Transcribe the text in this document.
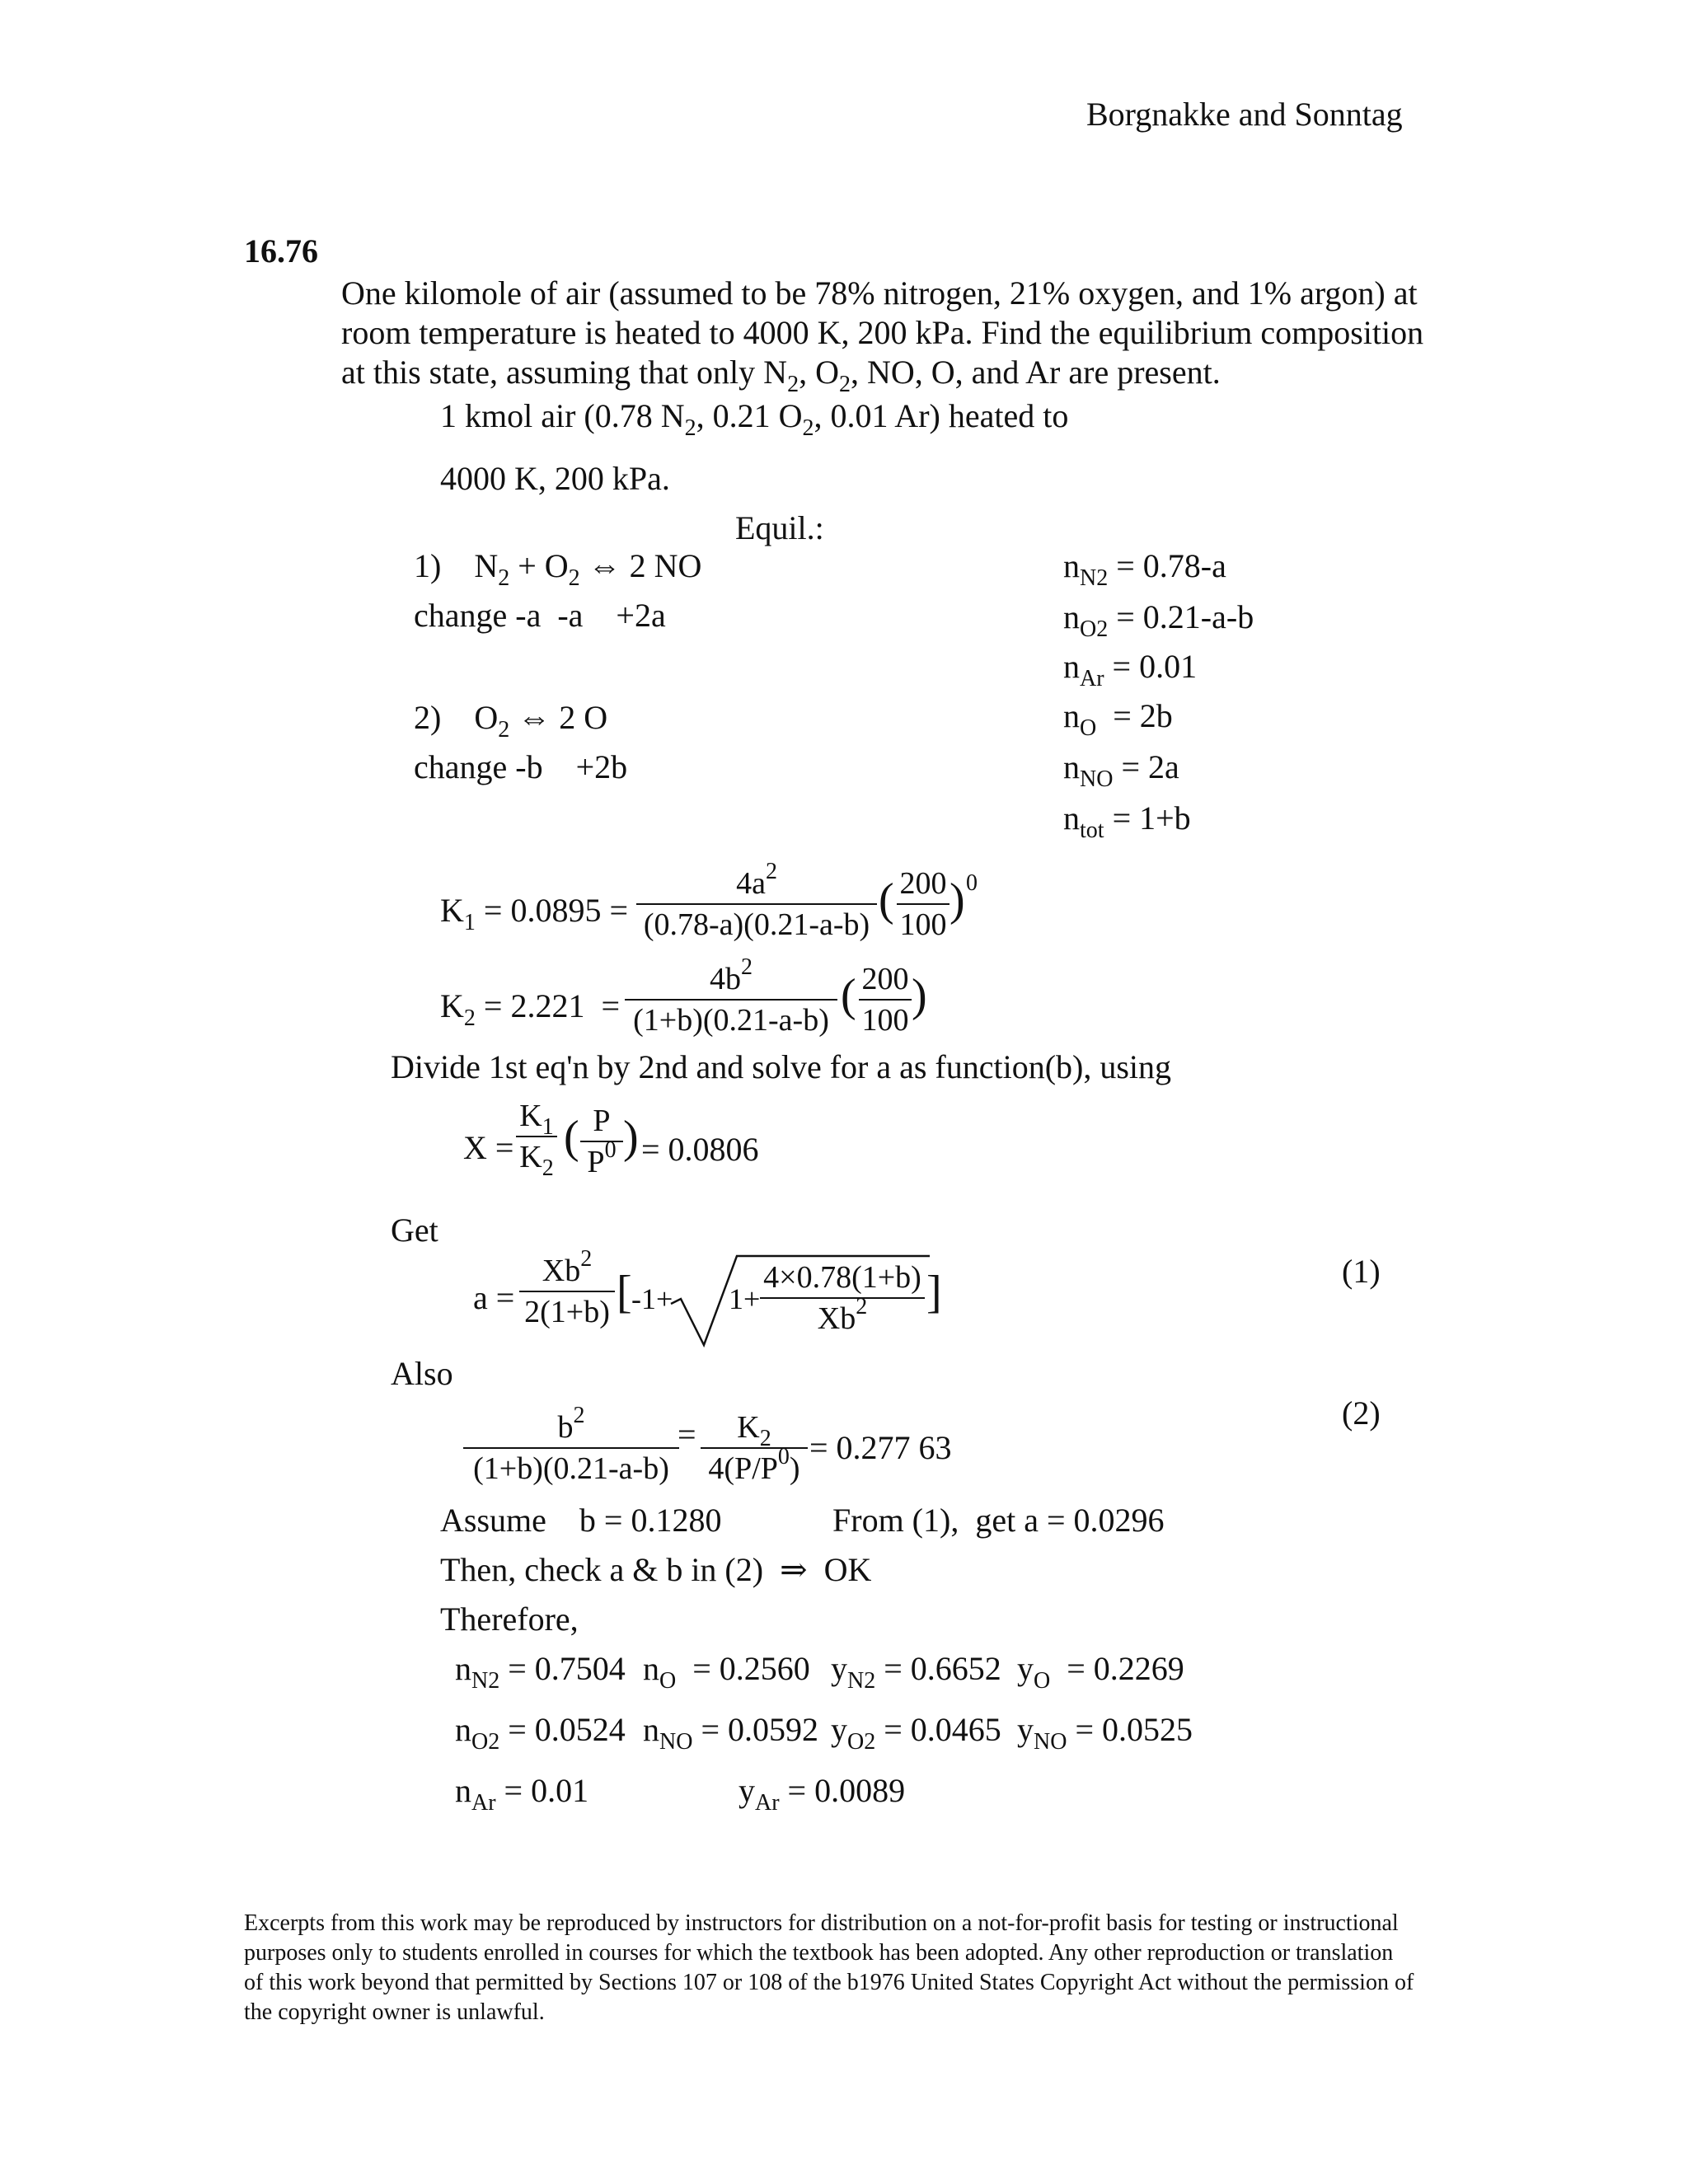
Borgnakke and Sonntag
16.76
One kilomole of air (assumed to be 78% nitrogen, 21% oxygen, and 1% argon) at room temperature is heated to 4000 K, 200 kPa. Find the equilibrium composition at this state, assuming that only $N_2$, $O_2$, NO, O, and Ar are present.
1 kmol air (0.78 $N_2$, 0.21 $O_2$, 0.01 Ar) heated to
4000 K, 200 kPa.
Equil.:
1) $N_2 + O_2$ ⇔ 2 NO
change -a  -a    +2a
2) $O_2$ ⇔ 2 O
change -b    +2b
$n_{N2} = 0.78-a$
$n_{O2} = 0.21-a-b$
$n_{Ar} = 0.01$
$n_O = 2b$
$n_{NO} = 2a$
$n_{tot} = 1+b$
$K_1 = 0.0895$ =
$4a^2$
(0.78-a)(0.21-a-b) ( 200
100 ) 0
$K_2 = 2.221$  =
$4b^2$
(1+b)(0.21-a-b) ( 200
100 )
Divide 1st eq'n by 2nd and solve for a as function(b), using
X =
$K_1$
$K_2$
( P
$P^0$ ) = 0.0806
Get
a =
$Xb^2$
2(1+b) [ -1+ 1+
4×0.78(1+b)
Xb$^2$	]	(1)
Also
$b^2$
(1+b)(0.21-a-b)
=	$K_2$
$4(P/P^0)$
= 0.277 63
(2)
Assume    b = 0.1280	From (1),  get a = 0.0296
Then, check a & b in (2)  ⇒  OK
Therefore,
$n_{N2} = 0.7504$ $n_O = 0.2560$ $y_{N2} = 0.6652$ $y_O = 0.2269$
$n_{O2} = 0.0524$ $n_{NO} = 0.0592$ $y_{O2} = 0.0465$ $y_{NO} = 0.0525$
$n_{Ar} = 0.01$	$y_{Ar} = 0.0089$
Excerpts from this work may be reproduced by instructors for distribution on a not-for-profit basis for testing or instructional purposes only to students enrolled in courses for which the textbook has been adopted. Any other reproduction or translation of this work beyond that permitted by Sections 107 or 108 of the b1976 United States Copyright Act without the permission of the copyright owner is unlawful.
